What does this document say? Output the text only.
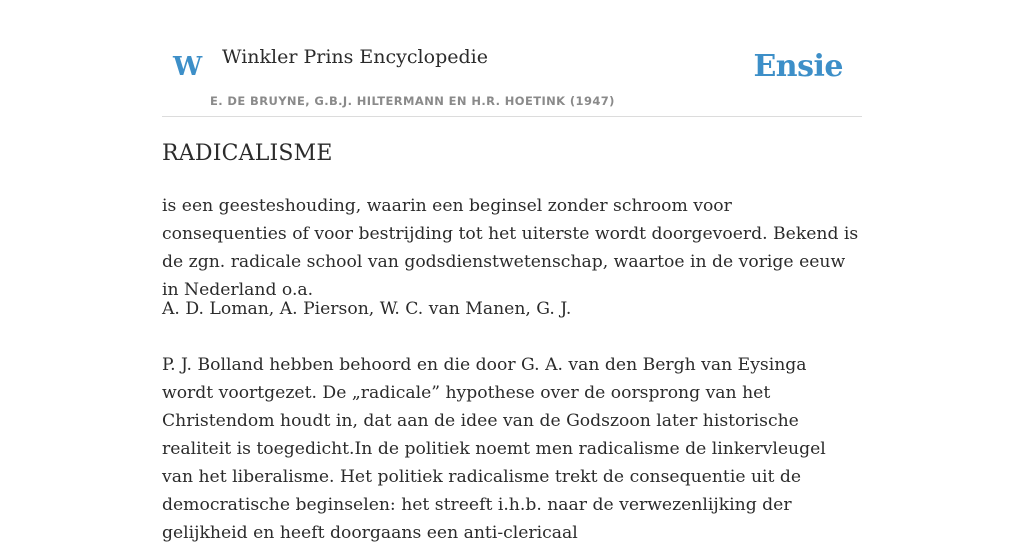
W Winkler Prins Encyclopedie
E. DE BRUYNE, G.B.J. HILTERMANN EN H.R. HOETINK (1947)
Ensie
RADICALISME

is een geesteshouding, waarin een beginsel zonder schroom voor consequenties of voor bestrijding tot het uiterste wordt doorgevoerd. Bekend is de zgn. radicale school van godsdienstwetenschap, waartoe in de vorige eeuw in Nederland o.a.

A. D. Loman, A. Pierson, W. C. van Manen, G. J.

P. J. Bolland hebben behoord en die door G. A. van den Bergh van Eysinga wordt voortgezet. De „radicale” hypothese over de oorsprong van het Christendom houdt in, dat aan de idee van de Godszoon later historische realiteit is toegedicht.In de politiek noemt men radicalisme de linkervleugel van het liberalisme. Het politiek radicalisme trekt de consequentie uit de democratische beginselen: het streeft i.h.b. naar de verwezenlijking der gelijkheid en heeft doorgaans een anti-clericaal
